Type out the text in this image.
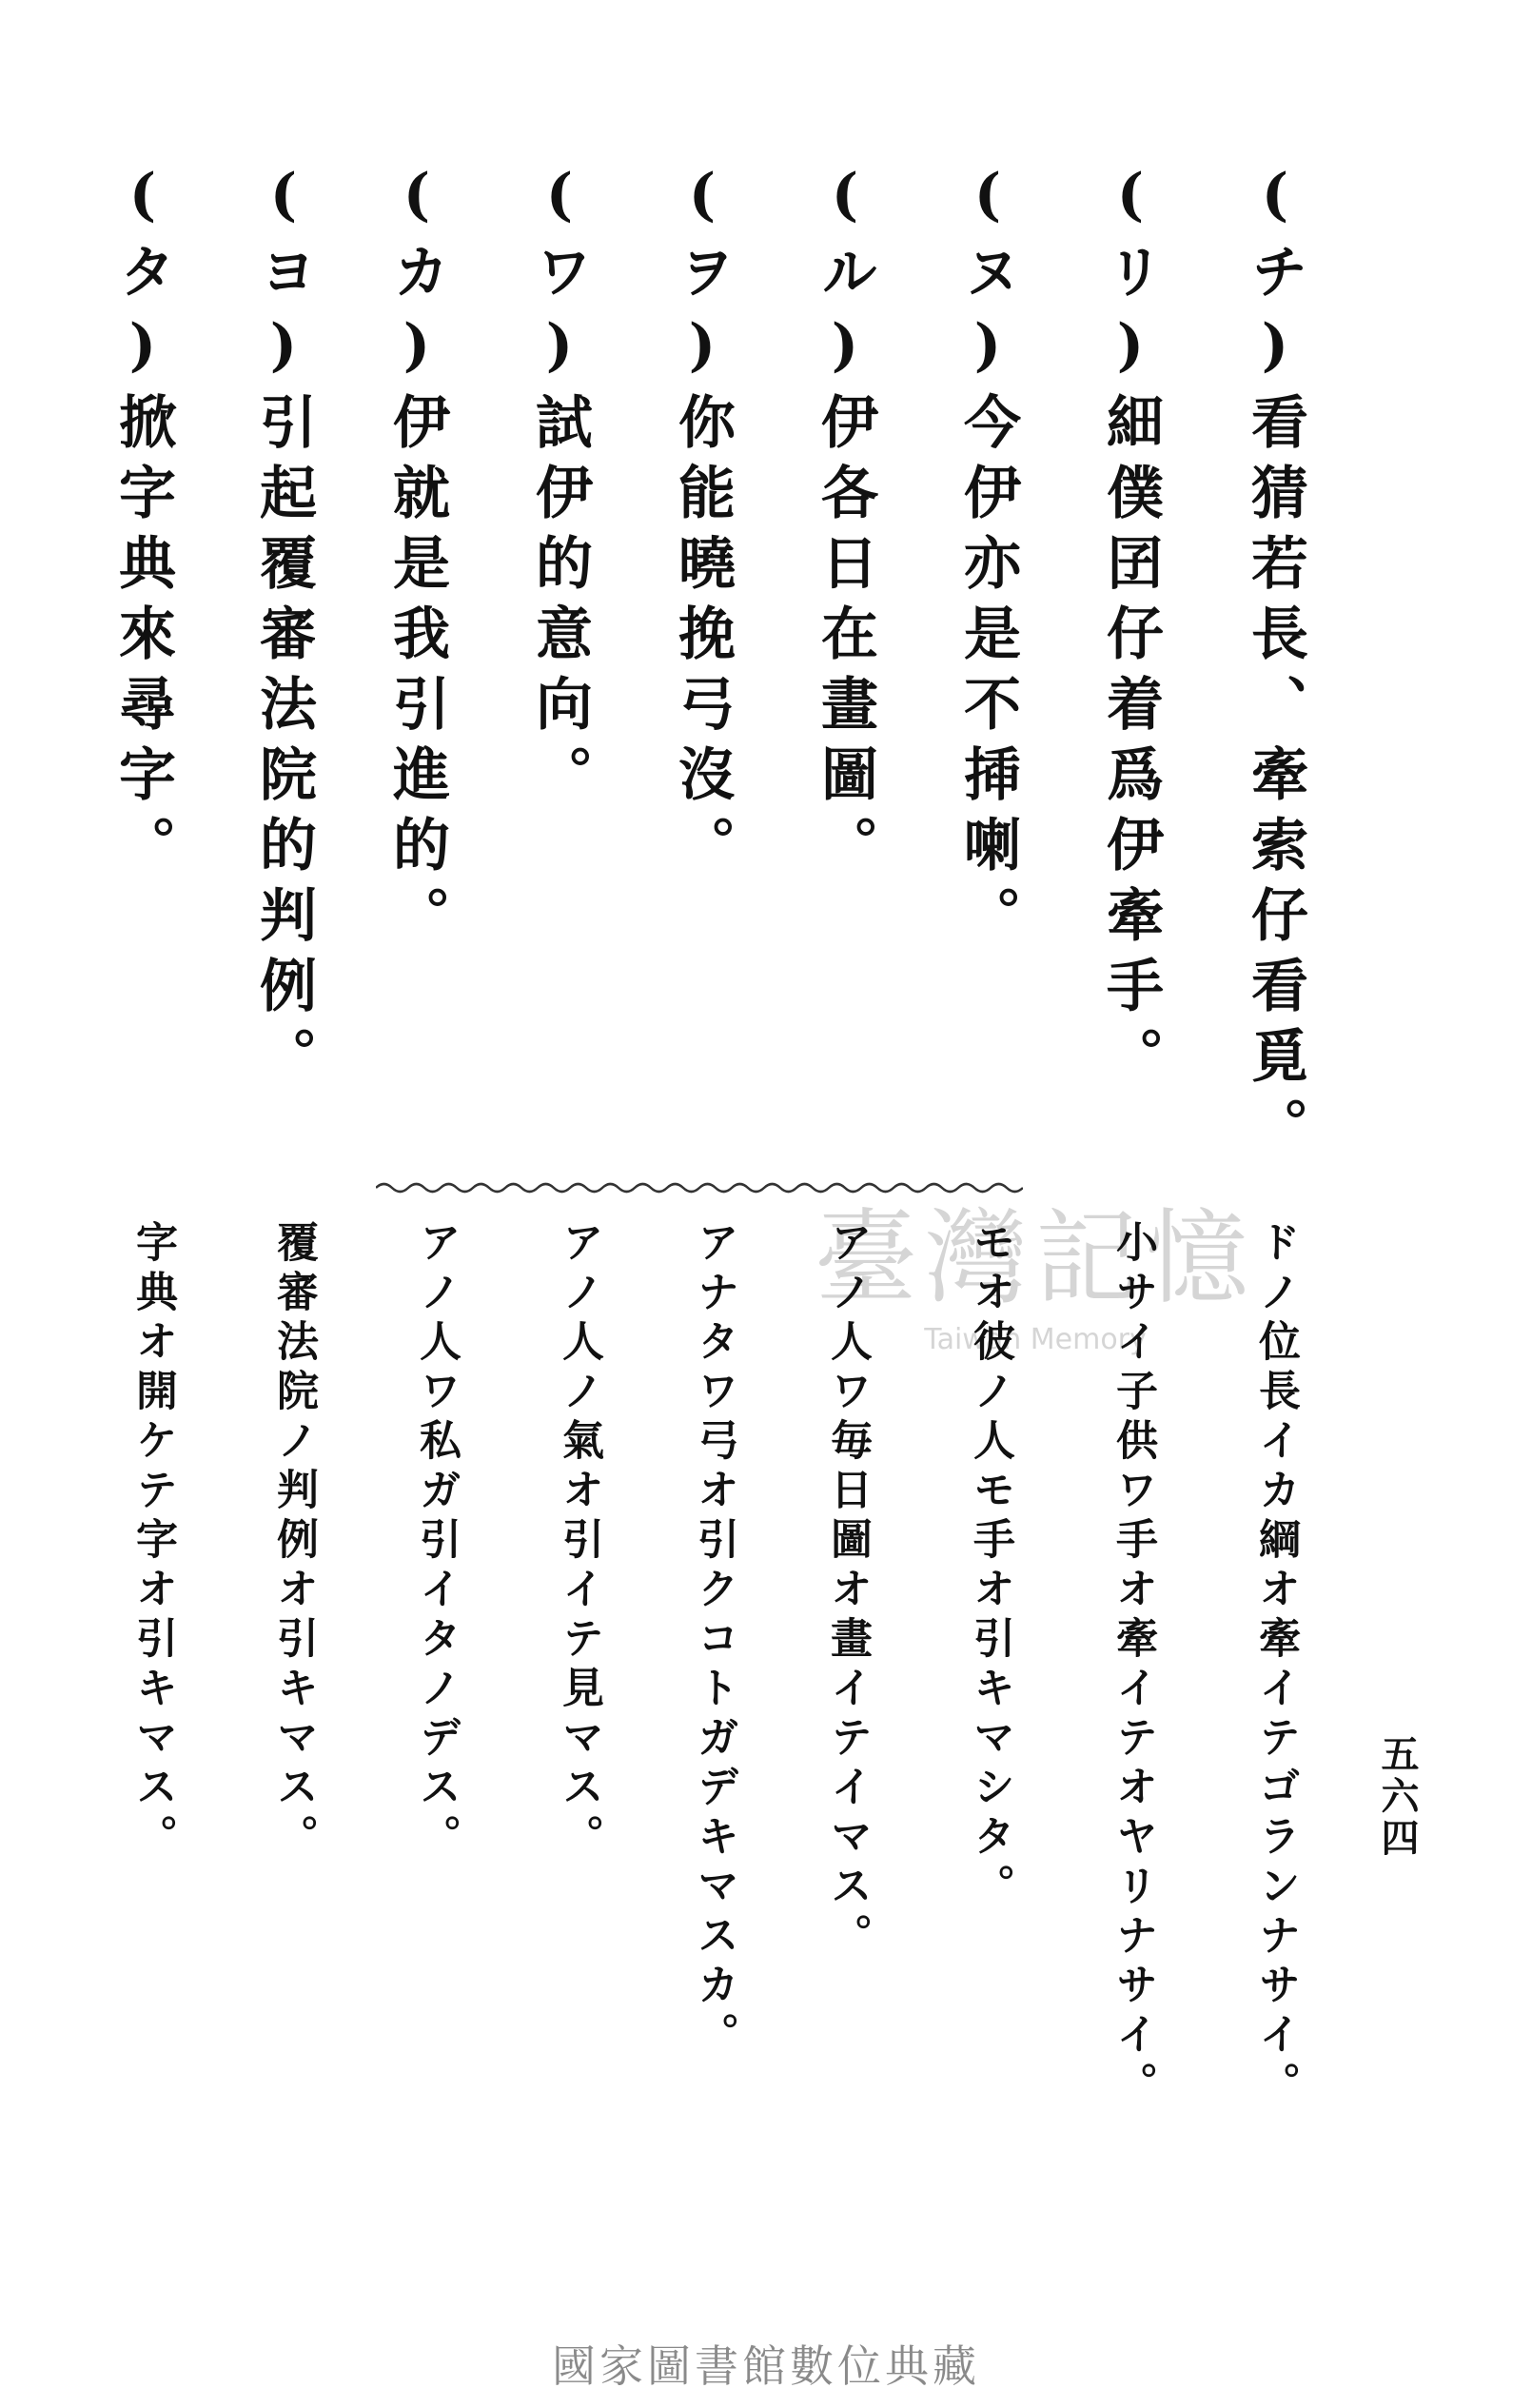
(チ)看猜若長、牽索仔看覓。
(リ)細僕囝仔着爲伊牽手。
(ヌ)今伊亦是不揷喇。
(ル)伊各日在畫圖。
(ヲ)你能曉挽弓沒。
(ワ)試伊的意向。
(カ)伊就是我引進的。
(ヨ)引起覆審法院的判例。
(タ)掀字典來尋字。
臺灣記憶
Taiwan Memory	ドノ位長イカ綱オ牽イテゴランナサイ。
小サイ子供ワ手オ牽イテオヤリナサイ。
モオ彼ノ人モ手オ引キマシタ。
アノ人ワ毎日圖オ畫イテイマス。
アナタワ弓オ引クコトガデキマスカ。
アノ人ノ氣オ引イテ見マス。
アノ人ワ私ガ引イタノデス。
覆審法院ノ判例オ引キマス。
字典オ開ケテ字オ引キマス。	五六四
國家圖書館數位典藏
